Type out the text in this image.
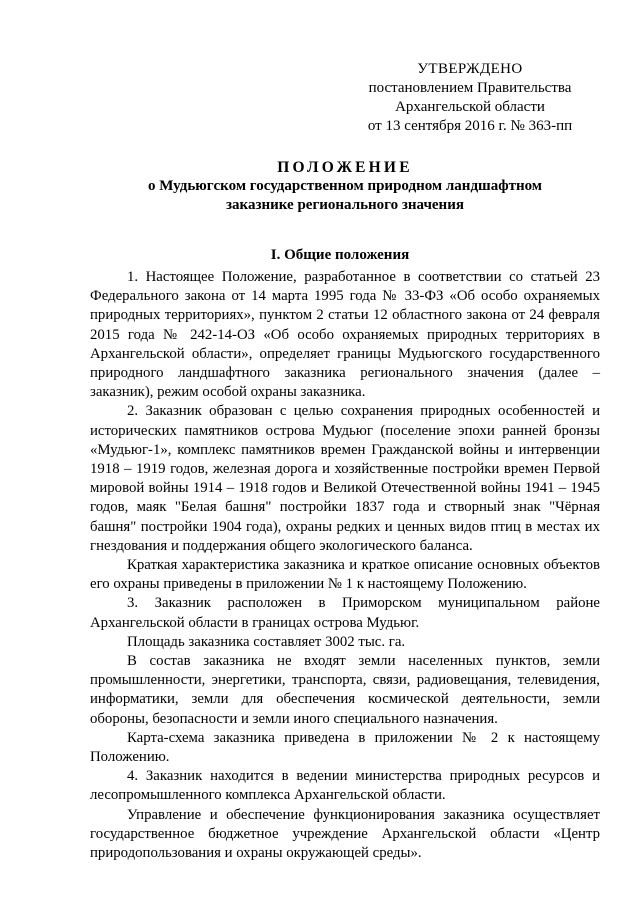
УТВЕРЖДЕНО
постановлением Правительства
Архангельской области
от 13 сентября 2016 г. № 363-пп
ПОЛОЖЕНИЕ
о Мудьюгском государственном природном ландшафтном
заказнике регионального значения
I. Общие положения

1. Настоящее Положение, разработанное в соответствии со статьей 23 Федерального закона от 14 марта 1995 года № 33-ФЗ «Об особо охраняемых природных территориях», пунктом 2 статьи 12 областного закона от 24 февраля 2015 года № 242-14-ОЗ «Об особо охраняемых природных территориях в Архангельской области», определяет границы Мудьюгского государственного природного ландшафтного заказника регионального значения (далее – заказник), режим особой охраны заказника.

2. Заказник образован с целью сохранения природных особенностей и исторических памятников острова Мудьюг (поселение эпохи ранней бронзы «Мудьюг-1», комплекс памятников времен Гражданской войны и интервенции 1918 – 1919 годов, железная дорога и хозяйственные постройки времен Первой мировой войны 1914 – 1918 годов и Великой Отечественной войны 1941 – 1945 годов, маяк "Белая башня" постройки 1837 года и створный знак "Чёрная башня" постройки 1904 года), охраны редких и ценных видов птиц в местах их гнездования и поддержания общего экологического баланса.

Краткая характеристика заказника и краткое описание основных объектов его охраны приведены в приложении № 1 к настоящему Положению.

3. Заказник расположен в Приморском муниципальном районе Архангельской области в границах острова Мудьюг.

Площадь заказника составляет 3002 тыс. га.

В состав заказника не входят земли населенных пунктов, земли промышленности, энергетики, транспорта, связи, радиовещания, телевидения, информатики, земли для обеспечения космической деятельности, земли обороны, безопасности и земли иного специального назначения.

Карта-схема заказника приведена в приложении № 2 к настоящему Положению.

4. Заказник находится в ведении министерства природных ресурсов и лесопромышленного комплекса Архангельской области.

Управление и обеспечение функционирования заказника осуществляет государственное бюджетное учреждение Архангельской области «Центр природопользования и охраны окружающей среды».
